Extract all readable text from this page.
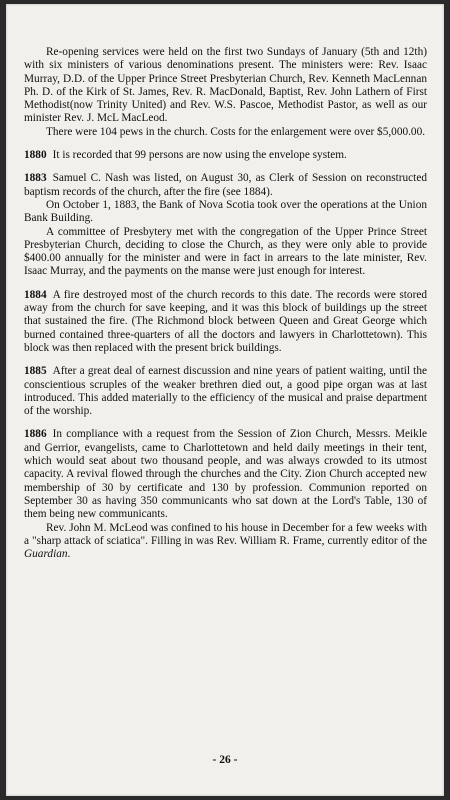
Re-opening services were held on the first two Sundays of January (5th and 12th) with six ministers of various denominations present. The ministers were: Rev. Isaac Murray, D.D. of the Upper Prince Street Presbyterian Church, Rev. Kenneth MacLennan Ph. D. of the Kirk of St. James, Rev. R. MacDonald, Baptist, Rev. John Lathern of First Methodist(now Trinity United) and Rev. W.S. Pascoe, Methodist Pastor, as well as our minister Rev. J. McL MacLeod.

There were 104 pews in the church. Costs for the enlargement were over $5,000.00.

1880 It is recorded that 99 persons are now using the envelope system.

1883 Samuel C. Nash was listed, on August 30, as Clerk of Session on reconstructed baptism records of the church, after the fire (see 1884).

On October 1, 1883, the Bank of Nova Scotia took over the operations at the Union Bank Building.

A committee of Presbytery met with the congregation of the Upper Prince Street Presbyterian Church, deciding to close the Church, as they were only able to provide $400.00 annually for the minister and were in fact in arrears to the late minister, Rev. Isaac Murray, and the payments on the manse were just enough for interest.

1884 A fire destroyed most of the church records to this date. The records were stored away from the church for save keeping, and it was this block of buildings up the street that sustained the fire. (The Richmond block between Queen and Great George which burned contained three-quarters of all the doctors and lawyers in Charlottetown). This block was then replaced with the present brick buildings.

1885 After a great deal of earnest discussion and nine years of patient waiting, until the conscientious scruples of the weaker brethren died out, a good pipe organ was at last introduced. This added materially to the efficiency of the musical and praise department of the worship.

1886 In compliance with a request from the Session of Zion Church, Messrs. Meikle and Gerrior, evangelists, came to Charlottetown and held daily meetings in their tent, which would seat about two thousand people, and was always crowded to its utmost capacity. A revival flowed through the churches and the City. Zion Church accepted new membership of 30 by certificate and 130 by profession. Communion reported on September 30 as having 350 communicants who sat down at the Lord's Table, 130 of them being new communicants.

Rev. John M. McLeod was confined to his house in December for a few weeks with a "sharp attack of sciatica". Filling in was Rev. William R. Frame, currently editor of the Guardian.

- 26 -
